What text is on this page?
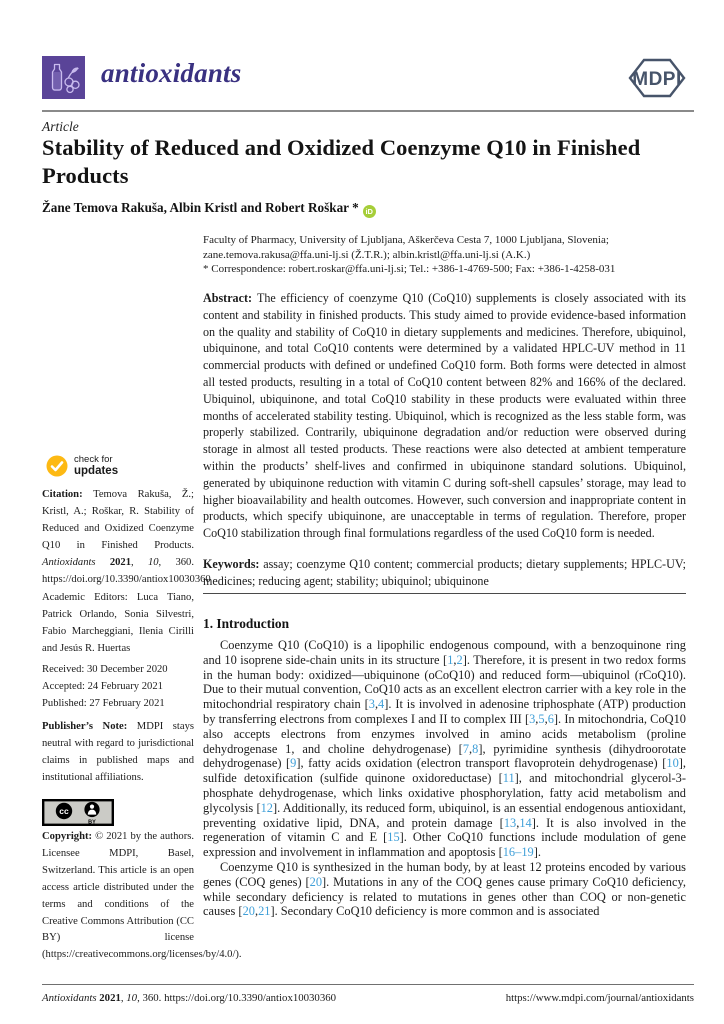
antioxidants	MDPI
Article
Stability of Reduced and Oxidized Coenzyme Q10 in Finished Products
Žane Temova Rakuša, Albin Kristl and Robert Roškar * iD
Faculty of Pharmacy, University of Ljubljana, Aškerčeva Cesta 7, 1000 Ljubljana, Slovenia;
zane.temova.rakusa@ffa.uni-lj.si (Ž.T.R.); albin.kristl@ffa.uni-lj.si (A.K.)
* Correspondence: robert.roskar@ffa.uni-lj.si; Tel.: +386-1-4769-500; Fax: +386-1-4258-031
Abstract: The efficiency of coenzyme Q10 (CoQ10) supplements is closely associated with its content and stability in finished products. This study aimed to provide evidence-based information on the quality and stability of CoQ10 in dietary supplements and medicines. Therefore, ubiquinol, ubiquinone, and total CoQ10 contents were determined by a validated HPLC-UV method in 11 commercial products with defined or undefined CoQ10 form. Both forms were detected in almost all tested products, resulting in a total of CoQ10 content between 82% and 166% of the declared. Ubiquinol, ubiquinone, and total CoQ10 stability in these products were evaluated within three months of accelerated stability testing. Ubiquinol, which is recognized as the less stable form, was properly stabilized. Contrarily, ubiquinone degradation and/or reduction were observed during storage in almost all tested products. These reactions were also detected at ambient temperature within the products’ shelf-lives and confirmed in ubiquinone standard solutions. Ubiquinol, generated by ubiquinone reduction with vitamin C during soft-shell capsules’ storage, may lead to higher bioavailability and health outcomes. However, such conversion and inappropriate content in products, which specify ubiquinone, are unacceptable in terms of regulation. Therefore, proper CoQ10 stabilization through final formulations regardless of the used CoQ10 form is needed.
Keywords: assay; coenzyme Q10 content; commercial products; dietary supplements; HPLC-UV; medicines; reducing agent; stability; ubiquinol; ubiquinone
1. Introduction

Coenzyme Q10 (CoQ10) is a lipophilic endogenous compound, with a benzoquinone ring and 10 isoprene side-chain units in its structure [1,2]. Therefore, it is present in two redox forms in the human body: oxidized—ubiquinone (oCoQ10) and reduced form—ubiquinol (rCoQ10). Due to their mutual convention, CoQ10 acts as an excellent electron carrier with a key role in the mitochondrial respiratory chain [3,4]. It is involved in adenosine triphosphate (ATP) production by transferring electrons from complexes I and II to complex III [3,5,6]. In mitochondria, CoQ10 also accepts electrons from enzymes involved in amino acids metabolism (proline dehydrogenase 1, and choline dehydrogenase) [7,8], pyrimidine synthesis (dihydroorotate dehydrogenase) [9], fatty acids oxidation (electron transport flavoprotein dehydrogenase) [10], sulfide detoxification (sulfide quinone oxidoreductase) [11], and mitochondrial glycerol-3-phosphate dehydrogenase, which links oxidative phosphorylation, fatty acid metabolism and glycolysis [12]. Additionally, its reduced form, ubiquinol, is an essential endogenous antioxidant, preventing oxidative lipid, DNA, and protein damage [13,14]. It is also involved in the regeneration of vitamin C and E [15]. Other CoQ10 functions include modulation of gene expression and involvement in inflammation and apoptosis [16–19].

Coenzyme Q10 is synthesized in the human body, by at least 12 proteins encoded by various genes (COQ genes) [20]. Mutations in any of the COQ genes cause primary CoQ10 deficiency, while secondary deficiency is related to mutations in genes other than COQ or non-genetic causes [20,21]. Secondary CoQ10 deficiency is more common and is associated

check for
updates
Citation: Temova Rakuša, Ž.; Kristl, A.; Roškar, R. Stability of Reduced and Oxidized Coenzyme Q10 in Finished Products. Antioxidants 2021, 10, 360. https://doi.org/10.3390/antiox10030360
Academic Editors: Luca Tiano, Patrick Orlando, Sonia Silvestri, Fabio Marcheggiani, Ilenia Cirilli and Jesús R. Huertas
Received: 30 December 2020
Accepted: 24 February 2021
Published: 27 February 2021
Publisher’s Note: MDPI stays neutral with regard to jurisdictional claims in published maps and institutional affiliations.
cc
BY
Copyright: © 2021 by the authors. Licensee MDPI, Basel, Switzerland. This article is an open access article distributed under the terms and conditions of the Creative Commons Attribution (CC BY) license (https://creativecommons.org/licenses/by/4.0/).
Antioxidants 2021, 10, 360. https://doi.org/10.3390/antiox10030360	https://www.mdpi.com/journal/antioxidants
